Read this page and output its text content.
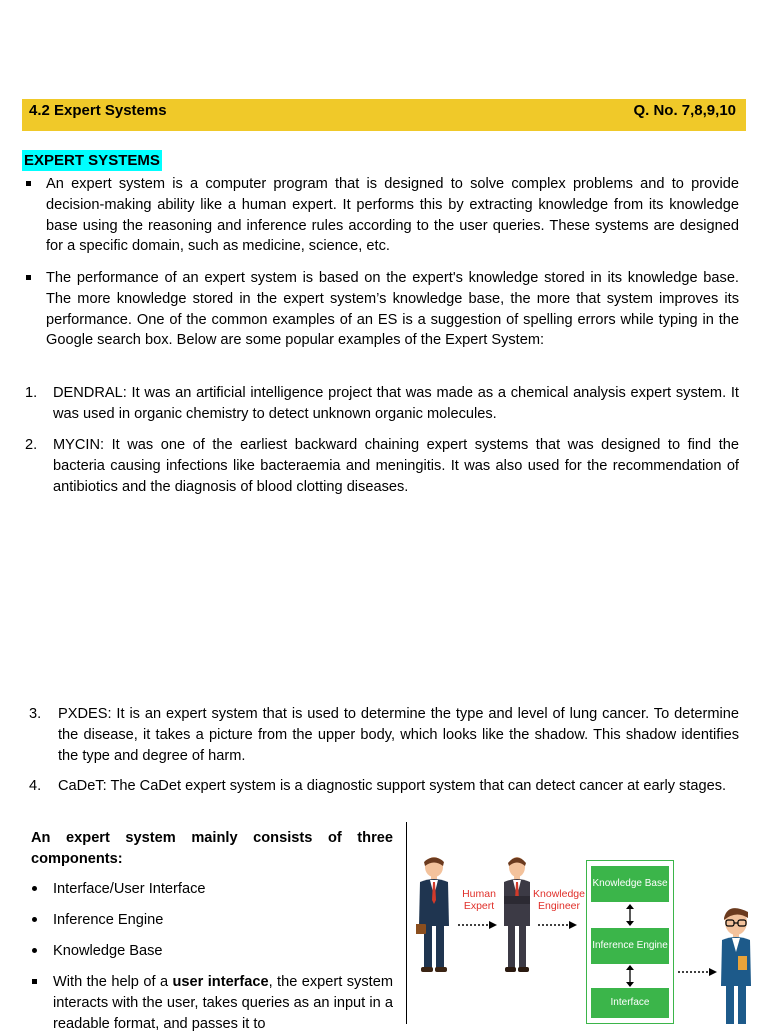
4.2 Expert Systems	Q. No. 7,8,9,10
EXPERT SYSTEMS
An expert system is a computer program that is designed to solve complex problems and to provide decision-making ability like a human expert. It performs this by extracting knowledge from its knowledge base using the reasoning and inference rules according to the user queries. These systems are designed for a specific domain, such as medicine, science, etc.
The performance of an expert system is based on the expert's knowledge stored in its knowledge base. The more knowledge stored in the expert system’s knowledge base, the more that system improves its performance. One of the common examples of an ES is a suggestion of spelling errors while typing in the Google search box. Below are some popular examples of the Expert System:
1. DENDRAL: It was an artificial intelligence project that was made as a chemical analysis expert system. It was used in organic chemistry to detect unknown organic molecules.
2. MYCIN: It was one of the earliest backward chaining expert systems that was designed to find the bacteria causing infections like bacteraemia and meningitis. It was also used for the recommendation of antibiotics and the diagnosis of blood clotting diseases.
3. PXDES: It is an expert system that is used to determine the type and level of lung cancer. To determine the disease, it takes a picture from the upper body, which looks like the shadow. This shadow identifies the type and degree of harm.
4. CaDeT: The CaDet expert system is a diagnostic support system that can detect cancer at early stages.
An expert system mainly consists of three components:
Interface/User Interface
Inference Engine
Knowledge Base
With the help of a user interface, the expert system interacts with the user, takes queries as an input in a readable format, and passes it to
Human Expert
Knowledge Engineer
Knowledge Base
Inference Engine
Interface
